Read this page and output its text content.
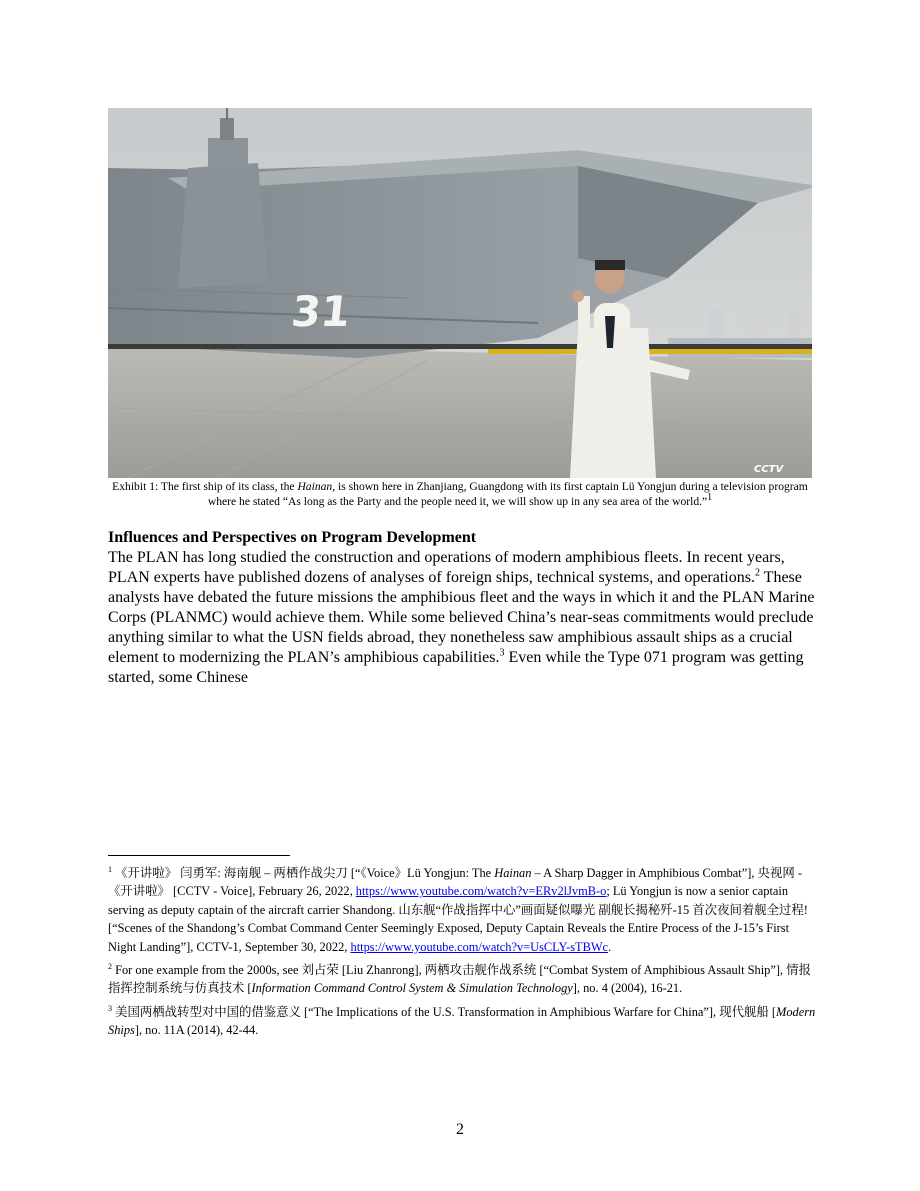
31
CCTV
Exhibit 1: The first ship of its class, the Hainan, is shown here in Zhanjiang, Guangdong with its first captain Lü Yongjun during a television program where he stated “As long as the Party and the people need it, we will show up in any sea area of the world.”$^1$
Influences and Perspectives on Program Development
The PLAN has long studied the construction and operations of modern amphibious fleets. In recent years, PLAN experts have published dozens of analyses of foreign ships, technical systems, and operations.$^2$ These analysts have debated the future missions the amphibious fleet and the ways in which it and the PLAN Marine Corps (PLANMC) would achieve them. While some believed China’s near-seas commitments would preclude anything similar to what the USN fields abroad, they nonetheless saw amphibious assault ships as a crucial element to modernizing the PLAN’s amphibious capabilities.$^3$ Even while the Type 071 program was getting started, some Chinese
$^1$ 《开讲啦》 闫勇军: 海南舰 – 两栖作战尖刀 [“《Voice》Lü Yongjun: The Hainan – A Sharp Dagger in Amphibious Combat”], 央视网 - 《开讲啦》 [CCTV - Voice], February 26, 2022, https://www.youtube.com/watch?v=ERv2lJvmB-o; Lü Yongjun is now a senior captain serving as deputy captain of the aircraft carrier Shandong. 山东舰“作战指挥中心”画面疑似曝光 副舰长揭秘歼-15 首次夜间着舰全过程! [“Scenes of the Shandong’s Combat Command Center Seemingly Exposed, Deputy Captain Reveals the Entire Process of the J-15’s First Night Landing”], CCTV-1, September 30, 2022, https://www.youtube.com/watch?v=UsCLY-sTBWc.
$^2$ For one example from the 2000s, see 刘占荣 [Liu Zhanrong], 两栖攻击舰作战系统 [“Combat System of Amphibious Assault Ship”], 情报指挥控制系统与仿真技术 [Information Command Control System & Simulation Technology], no. 4 (2004), 16-21.
$^3$ 美国两栖战转型对中国的借鉴意义 [“The Implications of the U.S. Transformation in Amphibious Warfare for China”], 现代舰船 [Modern Ships], no. 11A (2014), 42-44.
2
